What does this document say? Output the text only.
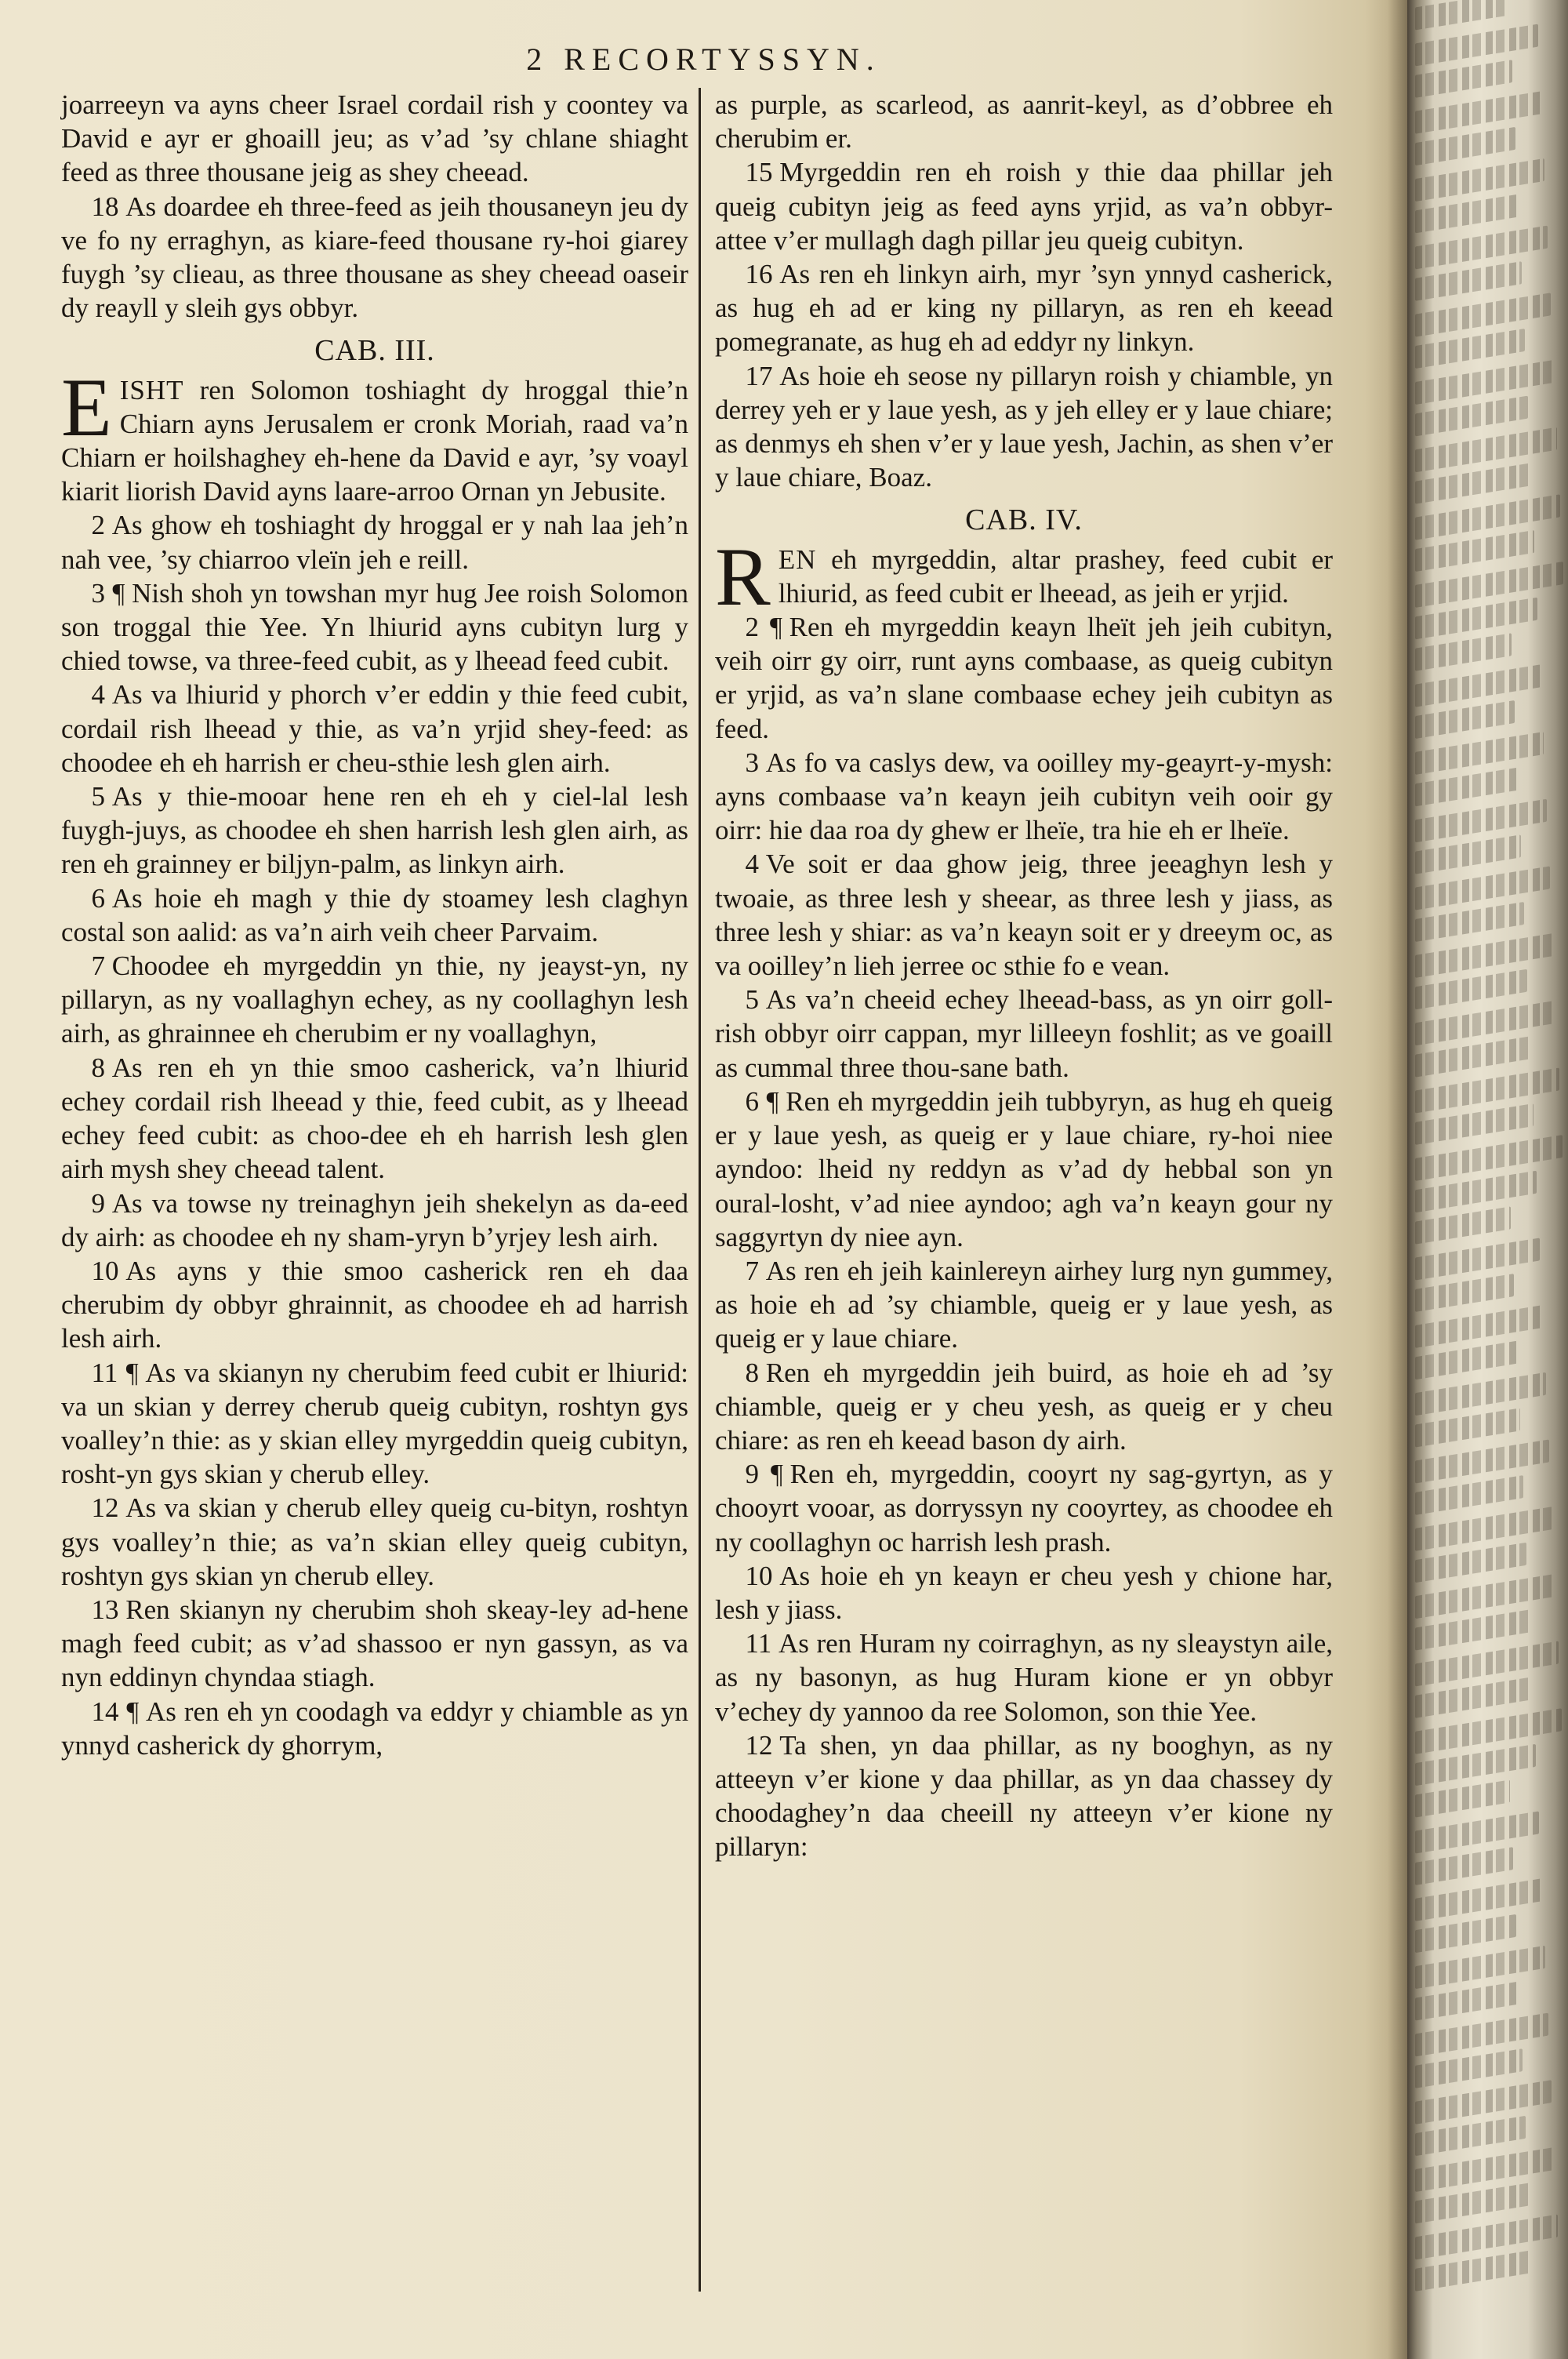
2 RECORTYSSYN.

joarreeyn va ayns cheer Israel cordail rish y coontey va David e ayr er ghoaill jeu; as v’ad ’sy chlane shiaght feed as three thousane jeig as shey cheead.

18 As doardee eh three-feed as jeih thousaneyn jeu dy ve fo ny erraghyn, as kiare-feed thousane ry-hoi giarey fuygh ’sy clieau, as three thousane as shey cheead oaseir dy reayll y sleih gys obbyr.

CAB. III.

EISHT ren Solomon toshiaght dy hroggal thie’n Chiarn ayns Jerusalem er cronk Moriah, raad va’n Chiarn er hoilshaghey eh-hene da David e ayr, ’sy voayl kiarit liorish David ayns laare-arroo Ornan yn Jebusite.

2 As ghow eh toshiaght dy hroggal er y nah laa jeh’n nah vee, ’sy chiarroo vleïn jeh e reill.

3 ¶ Nish shoh yn towshan myr hug Jee roish Solomon son troggal thie Yee. Yn lhiurid ayns cubityn lurg y chied towse, va three-feed cubit, as y lheead feed cubit.

4 As va lhiurid y phorch v’er eddin y thie feed cubit, cordail rish lheead y thie, as va’n yrjid shey-feed: as choodee eh eh harrish er cheu-sthie lesh glen airh.

5 As y thie-mooar hene ren eh eh y ciel-lal lesh fuygh-juys, as choodee eh shen harrish lesh glen airh, as ren eh grainney er biljyn-palm, as linkyn airh.

6 As hoie eh magh y thie dy stoamey lesh claghyn costal son aalid: as va’n airh veih cheer Parvaim.

7 Choodee eh myrgeddin yn thie, ny jeayst-yn, ny pillaryn, as ny voallaghyn echey, as ny coollaghyn lesh airh, as ghrainnee eh cherubim er ny voallaghyn,

8 As ren eh yn thie smoo casherick, va’n lhiurid echey cordail rish lheead y thie, feed cubit, as y lheead echey feed cubit: as choo-dee eh eh harrish lesh glen airh mysh shey cheead talent.

9 As va towse ny treinaghyn jeih shekelyn as da-eed dy airh: as choodee eh ny sham-yryn b’yrjey lesh airh.

10 As ayns y thie smoo casherick ren eh daa cherubim dy obbyr ghrainnit, as choodee eh ad harrish lesh airh.

11 ¶ As va skianyn ny cherubim feed cubit er lhiurid: va un skian y derrey cherub queig cubityn, roshtyn gys voalley’n thie: as y skian elley myrgeddin queig cubityn, rosht-yn gys skian y cherub elley.

12 As va skian y cherub elley queig cu-bityn, roshtyn gys voalley’n thie; as va’n skian elley queig cubityn, roshtyn gys skian yn cherub elley.

13 Ren skianyn ny cherubim shoh skeay-ley ad-hene magh feed cubit; as v’ad shassoo er nyn gassyn, as va nyn eddinyn chyndaa stiagh.

14 ¶ As ren eh yn coodagh va eddyr y chiamble as yn ynnyd casherick dy ghorrym,

as purple, as scarleod, as aanrit-keyl, as d’obbree eh cherubim er.

15 Myrgeddin ren eh roish y thie daa phillar jeh queig cubityn jeig as feed ayns yrjid, as va’n obbyr-attee v’er mullagh dagh pillar jeu queig cubityn.

16 As ren eh linkyn airh, myr ’syn ynnyd casherick, as hug eh ad er king ny pillaryn, as ren eh keead pomegranate, as hug eh ad eddyr ny linkyn.

17 As hoie eh seose ny pillaryn roish y chiamble, yn derrey yeh er y laue yesh, as y jeh elley er y laue chiare; as denmys eh shen v’er y laue yesh, Jachin, as shen v’er y laue chiare, Boaz.

CAB. IV.

REN eh myrgeddin, altar prashey, feed cubit er lhiurid, as feed cubit er lheead, as jeih er yrjid.

2 ¶ Ren eh myrgeddin keayn lheït jeh jeih cubityn, veih oirr gy oirr, runt ayns combaase, as queig cubityn er yrjid, as va’n slane combaase echey jeih cubityn as feed.

3 As fo va caslys dew, va ooilley my-geayrt-y-mysh: ayns combaase va’n keayn jeih cubityn veih ooir gy oirr: hie daa roa dy ghew er lheïe, tra hie eh er lheïe.

4 Ve soit er daa ghow jeig, three jeeaghyn lesh y twoaie, as three lesh y sheear, as three lesh y jiass, as three lesh y shiar: as va’n keayn soit er y dreeym oc, as va ooilley’n lieh jerree oc sthie fo e vean.

5 As va’n cheeid echey lheead-bass, as yn oirr goll-rish obbyr oirr cappan, myr lilleeyn foshlit; as ve goaill as cummal three thou-sane bath.

6 ¶ Ren eh myrgeddin jeih tubbyryn, as hug eh queig er y laue yesh, as queig er y laue chiare, ry-hoi niee ayndoo: lheid ny reddyn as v’ad dy hebbal son yn oural-losht, v’ad niee ayndoo; agh va’n keayn gour ny saggyrtyn dy niee ayn.

7 As ren eh jeih kainlereyn airhey lurg nyn gummey, as hoie eh ad ’sy chiamble, queig er y laue yesh, as queig er y laue chiare.

8 Ren eh myrgeddin jeih buird, as hoie eh ad ’sy chiamble, queig er y cheu yesh, as queig er y cheu chiare: as ren eh keead bason dy airh.

9 ¶ Ren eh, myrgeddin, cooyrt ny sag-gyrtyn, as y chooyrt vooar, as dorryssyn ny cooyrtey, as choodee eh ny coollaghyn oc harrish lesh prash.

10 As hoie eh yn keayn er cheu yesh y chione har, lesh y jiass.

11 As ren Huram ny coirraghyn, as ny sleaystyn aile, as ny basonyn, as hug Huram kione er yn obbyr v’echey dy yannoo da ree Solomon, son thie Yee.

12 Ta shen, yn daa phillar, as ny booghyn, as ny atteeyn v’er kione y daa phillar, as yn daa chassey dy choodaghey’n daa cheeill ny atteeyn v’er kione ny pillaryn:
